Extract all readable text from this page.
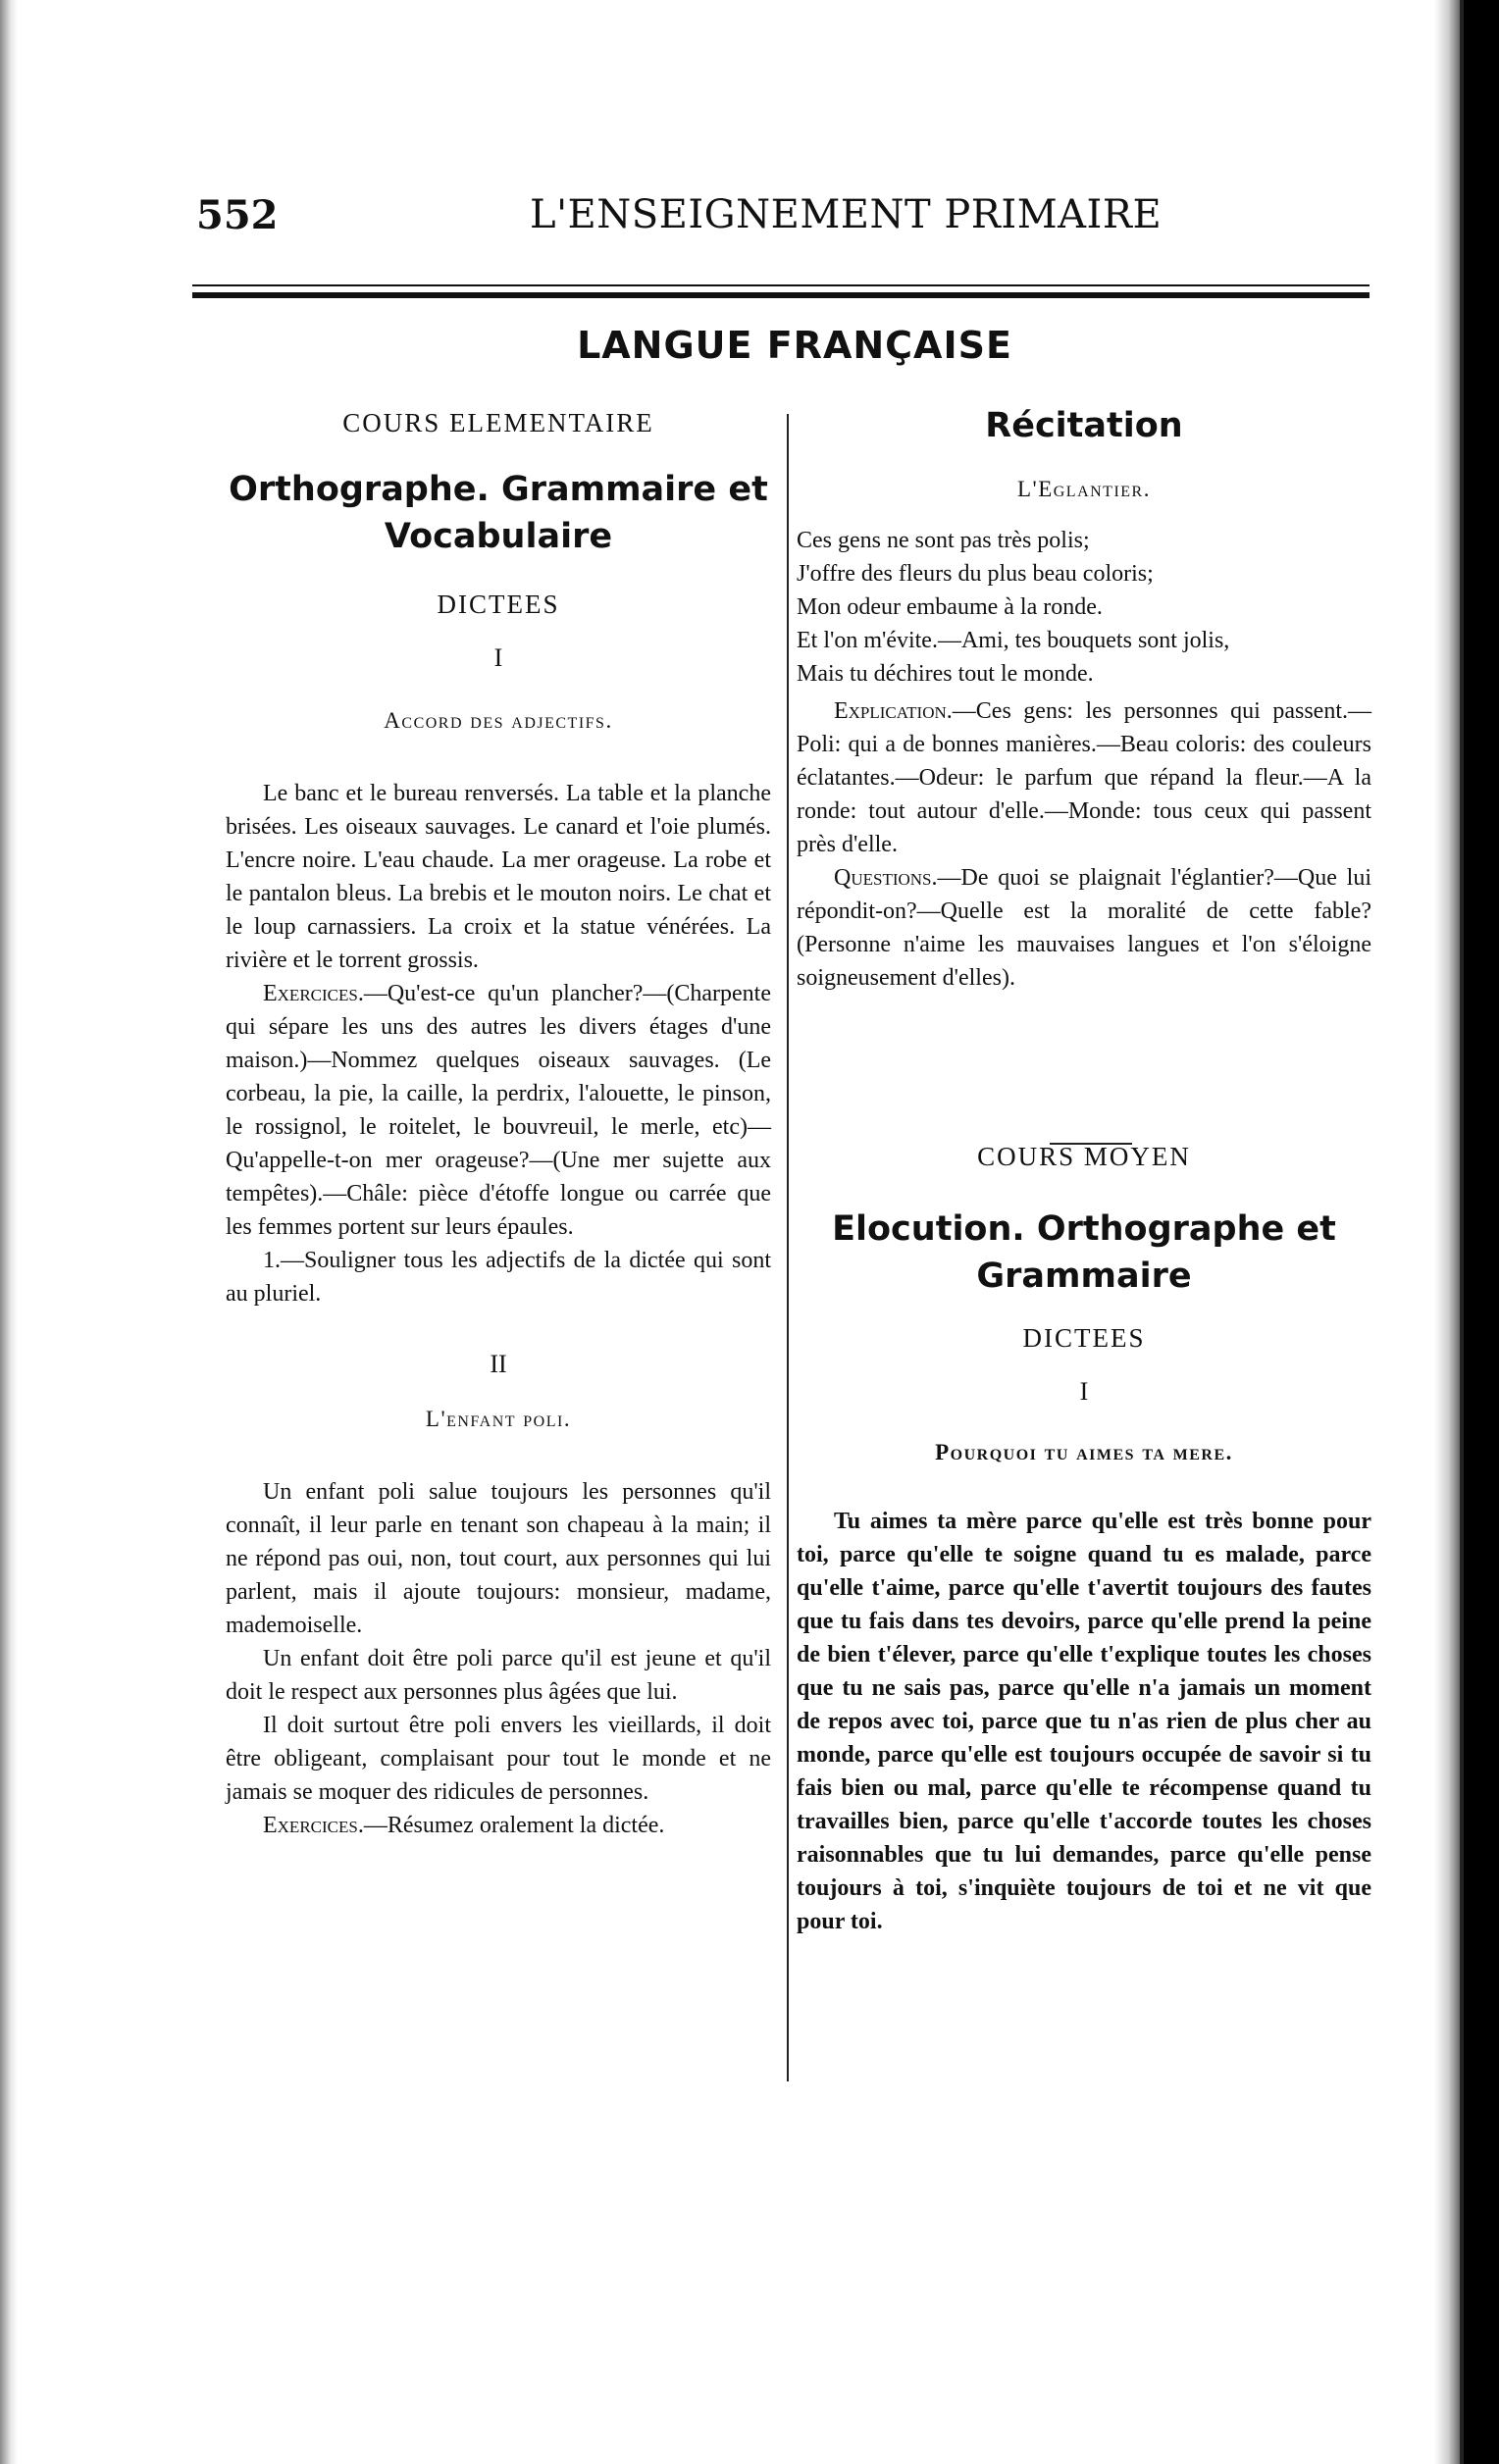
552	L'ENSEIGNEMENT PRIMAIRE
LANGUE FRANÇAISE
COURS ELEMENTAIRE
Orthographe. Grammaire et
Vocabulaire
DICTEES
I
Accord des adjectifs.

Le banc et le bureau renversés. La table et la planche brisées. Les oiseaux sauvages. Le canard et l'oie plumés. L'encre noire. L'eau chaude. La mer orageuse. La robe et le pantalon bleus. La brebis et le mouton noirs. Le chat et le loup carnassiers. La croix et la statue vénérées. La rivière et le torrent grossis.

Exercices.—Qu'est-ce qu'un plancher?—(Charpente qui sépare les uns des autres les divers étages d'une maison.)—Nommez quelques oiseaux sauvages. (Le corbeau, la pie, la caille, la perdrix, l'alouette, le pinson, le rossignol, le roitelet, le bouvreuil, le merle, etc)—Qu'appelle-t-on mer orageuse?—(Une mer sujette aux tempêtes).—Châle: pièce d'étoffe longue ou carrée que les femmes portent sur leurs épaules.

1.—Souligner tous les adjectifs de la dictée qui sont au pluriel.

II
L'enfant poli.

Un enfant poli salue toujours les personnes qu'il connaît, il leur parle en tenant son chapeau à la main; il ne répond pas oui, non, tout court, aux personnes qui lui parlent, mais il ajoute toujours: monsieur, madame, mademoiselle.

Un enfant doit être poli parce qu'il est jeune et qu'il doit le respect aux personnes plus âgées que lui.

Il doit surtout être poli envers les vieillards, il doit être obligeant, complaisant pour tout le monde et ne jamais se moquer des ridicules de personnes.

Exercices.—Résumez oralement la dictée.

Récitation
L'Eglantier.

Ces gens ne sont pas très polis;

J'offre des fleurs du plus beau coloris;

Mon odeur embaume à la ronde.

Et l'on m'évite.—Ami, tes bouquets sont jolis,

Mais tu déchires tout le monde.

Explication.—Ces gens: les personnes qui passent.—Poli: qui a de bonnes manières.—Beau coloris: des couleurs éclatantes.—Odeur: le parfum que répand la fleur.—A la ronde: tout autour d'elle.—Monde: tous ceux qui passent près d'elle.

Questions.—De quoi se plaignait l'églantier?—Que lui répondit-on?—Quelle est la moralité de cette fable? (Personne n'aime les mauvaises langues et l'on s'éloigne soigneusement d'elles).

COURS MOYEN
Elocution. Orthographe et
Grammaire
DICTEES
I
Pourquoi tu aimes ta mere.

Tu aimes ta mère parce qu'elle est très bonne pour toi, parce qu'elle te soigne quand tu es malade, parce qu'elle t'aime, parce qu'elle t'avertit toujours des fautes que tu fais dans tes devoirs, parce qu'elle prend la peine de bien t'élever, parce qu'elle t'explique toutes les choses que tu ne sais pas, parce qu'elle n'a jamais un moment de repos avec toi, parce que tu n'as rien de plus cher au monde, parce qu'elle est toujours occupée de savoir si tu fais bien ou mal, parce qu'elle te récompense quand tu travailles bien, parce qu'elle t'accorde toutes les choses raisonnables que tu lui demandes, parce qu'elle pense toujours à toi, s'inquiète toujours de toi et ne vit que pour toi.
